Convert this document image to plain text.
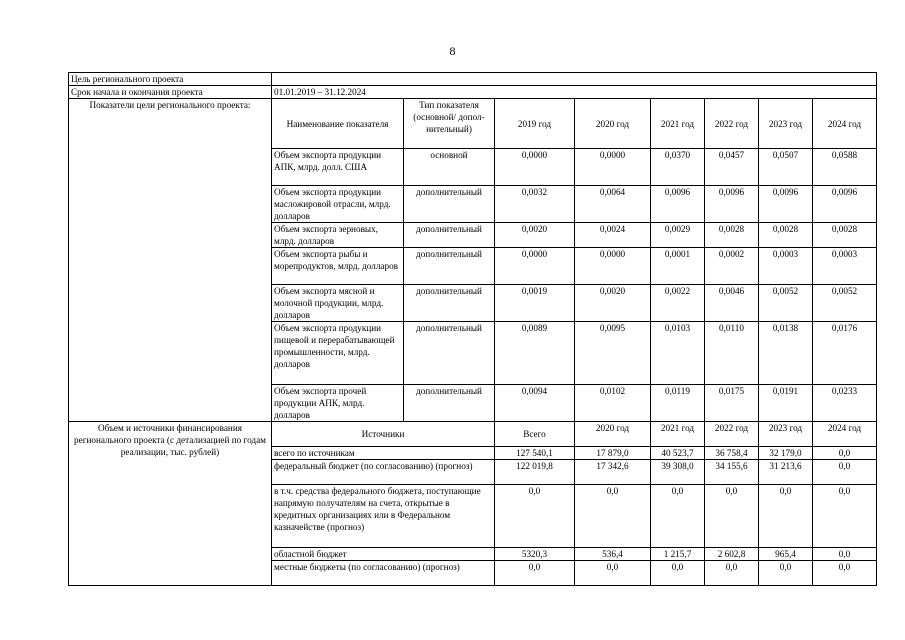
8
Цель регионального проекта								
Срок начала и окончания проекта	01.01.2019 – 31.12.2024							
Показатели цели регионального проекта:	Наименование показателя	Тип показателя (основной/ допол-нительный)	2019 год	2020 год	2021 год	2022 год	2023 год	2024 год
	Объем экспорта продукции АПК, млрд. долл. США	основной	0,0000	0,0000	0,0370	0,0457	0,0507	0,0588
	Объем экспорта продукции масложировой отрасли, млрд. долларов	дополнительный	0,0032	0,0064	0,0096	0,0096	0,0096	0,0096
	Объем экспорта зерновых, млрд. долларов	дополнительный	0,0020	0,0024	0,0029	0,0028	0,0028	0,0028
	Объем экспорта рыбы и морепродуктов, млрд. долларов	дополнительный	0,0000	0,0000	0,0001	0,0002	0,0003	0,0003
	Объем экспорта мясной и молочной продукции, млрд. долларов	дополнительный	0,0019	0,0020	0,0022	0,0046	0,0052	0,0052
	Объем экспорта продукции пищевой и перерабатывающей промышленности, млрд. долларов	дополнительный	0,0089	0,0095	0,0103	0,0110	0,0138	0,0176
	Объем экспорта прочей продукции АПК, млрд. долларов	дополнительный	0,0094	0,0102	0,0119	0,0175	0,0191	0,0233
Объем и источники финансирования регионального проекта (с детализацией по годам реализации, тыс. рублей)	Источники		Всего	2020 год	2021 год	2022 год	2023 год	2024 год
	всего по источникам		127 540,1	17 879,0	40 523,7	36 758,4	32 179,0	0,0
	федеральный бюджет (по согласованию) (прогноз)		122 019,8	17 342,6	39 308,0	34 155,6	31 213,6	0,0
	в т.ч. средства федерального бюджета, поступающие напрямую получателям на счета, открытые в кредитных организациях или в Федеральном казначействе (прогноз)		0,0	0,0	0,0	0,0	0,0	0,0
	областной бюджет		5320,3	536,4	1 215,7	2 602,8	965,4	0,0
	местные бюджеты (по согласованию) (прогноз)		0,0	0,0	0,0	0,0	0,0	0,0
